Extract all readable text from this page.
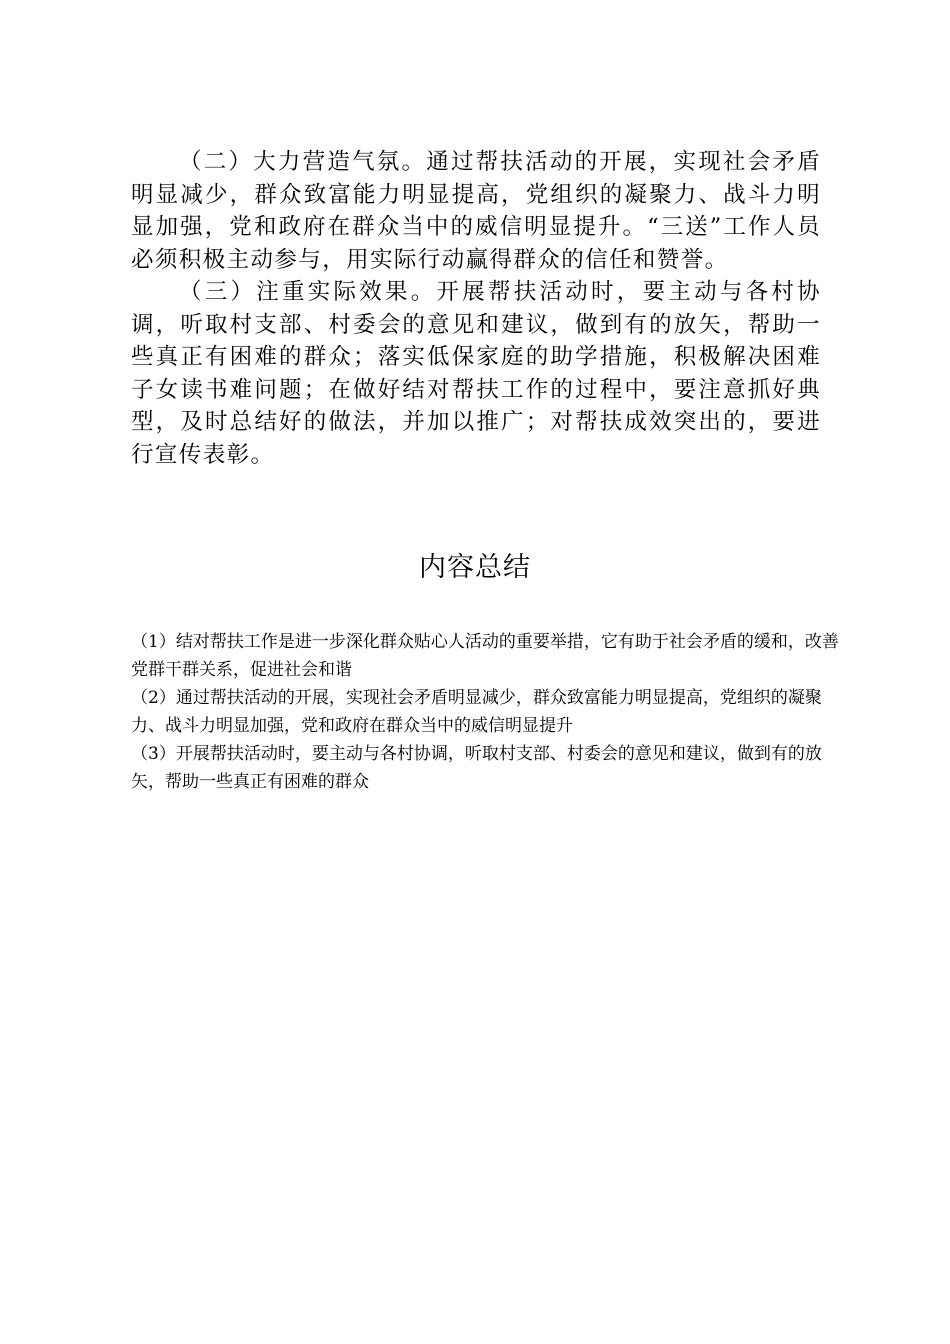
（二）大力营造气氛。通过帮扶活动的开展，实现社会矛盾明显减少，群众致富能力明显提高，党组织的凝聚力、战斗力明显加强，党和政府在群众当中的威信明显提升。“三送”工作人员必须积极主动参与，用实际行动赢得群众的信任和赞誉。

（三）注重实际效果。开展帮扶活动时，要主动与各村协调，听取村支部、村委会的意见和建议，做到有的放矢，帮助一些真正有困难的群众；落实低保家庭的助学措施，积极解决困难子女读书难问题；在做好结对帮扶工作的过程中，要注意抓好典型，及时总结好的做法，并加以推广；对帮扶成效突出的，要进行宣传表彰。

内容总结

（1）结对帮扶工作是进一步深化群众贴心人活动的重要举措，它有助于社会矛盾的缓和，改善党群干群关系，促进社会和谐

（2）通过帮扶活动的开展，实现社会矛盾明显减少，群众致富能力明显提高，党组织的凝聚力、战斗力明显加强，党和政府在群众当中的威信明显提升

（3）开展帮扶活动时，要主动与各村协调，听取村支部、村委会的意见和建议，做到有的放矢，帮助一些真正有困难的群众
